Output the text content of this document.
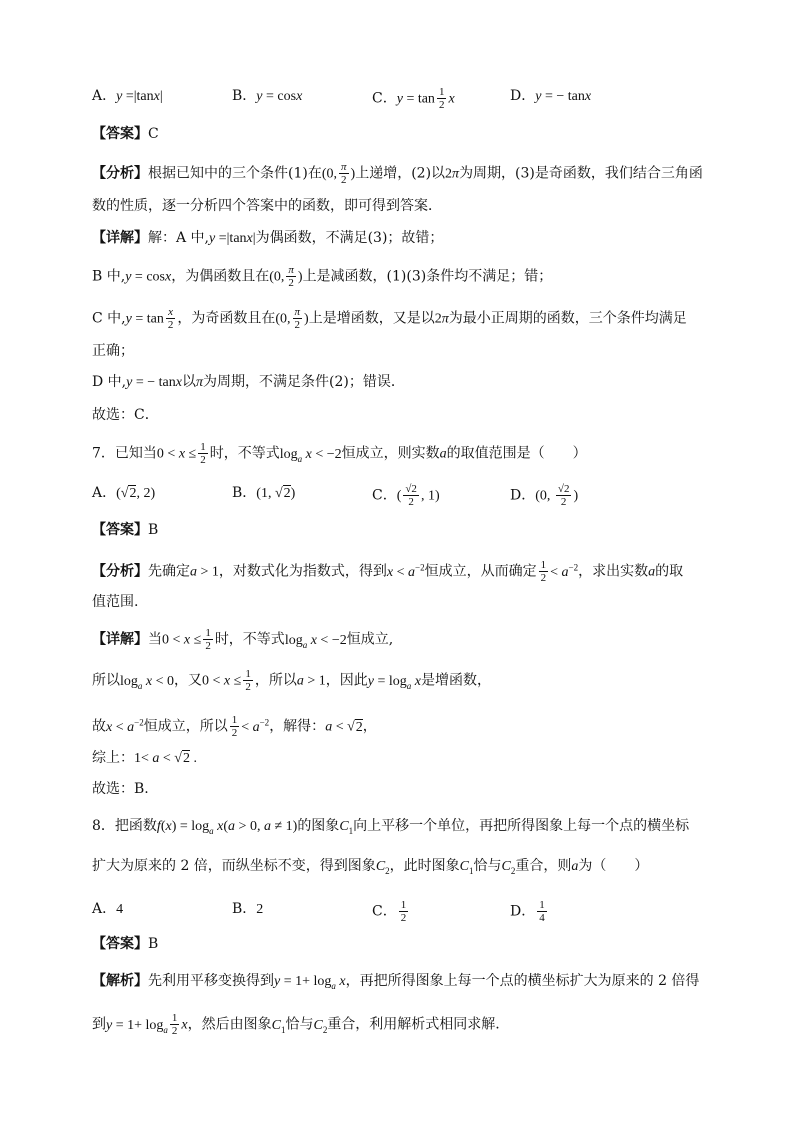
A．y =|tanx|	B．y = cosx	C．$y = \tan \frac{1}{2}$ x	D．y = − tanx
【答案】C
【分析】根据已知中的三个条件(1)在(0, $\frac{\pi}{2}$ )上递增，(2)以2π为周期，(3)是奇函数，我们结合三角函
数的性质，逐一分析四个答案中的函数，即可得到答案．
【详解】解：A 中,y =|tanx|为偶函数，不满足(3)；故错；
B 中,y = cosx，为偶函数且在(0, $\frac{\pi}{2}$ )上是减函数，(1)(3)条件均不满足；错；
C 中$,y = \tan \frac{x}{2}$ ，为奇函数且在(0, $\frac{\pi}{2}$ )上是增函数，又是以2π为最小正周期的函数，三个条件均满足
正确；
D 中,y = − tanx以π为周期，不满足条件(2)；错误．
故选：C．
7．已知当$0 < x \le \frac{1}{2}$ 时，不等式$\log_a x < -2$恒成立，则实数a的取值范围是（　　）
A．(√2, 2)	B．(1, √2)	C．( $\frac{√2}{2}$ , 1)	D．(0, $\frac{√2}{2}$ )
【答案】B
【分析】先确定a > 1，对数式化为指数式，得到$x < a^{-2}$恒成立，从而确定 $\frac{1}{2} < a^{-2}$，求出实数a的取
值范围.
【详解】当$0 < x \le \frac{1}{2}$ 时，不等式$\log_a x < -2$恒成立,
所以$\log_a x < 0$，又$0 < x \le \frac{1}{2}$ ，所以a > 1，因此$y = \log_a x$是增函数，
故$x < a^{-2}$恒成立，所以 $\frac{1}{2} < a^{-2}$，解得：a < √2，
综上：1< a < √2 .
故选：B.
8．把函数$f(x) = \log_a x(a > 0$, a ≠ 1)的图象$C_1$向上平移一个单位，再把所得图象上每一个点的横坐标
扩大为原来的 2 倍，而纵坐标不变，得到图象$C_2$，此时图象$C_1$恰与$C_2$重合，则a为（　　）
A．4	B．2	C． $\frac{1}{2}$	D． $\frac{1}{4}$
【答案】B
【解析】先利用平移变换得到$y = 1+ \log_a x$，再把所得图象上每一个点的横坐标扩大为原来的 2 倍得
到$y = 1+ \log_a \frac{1}{2}$ x，然后由图象$C_1$恰与$C_2$重合，利用解析式相同求解.
